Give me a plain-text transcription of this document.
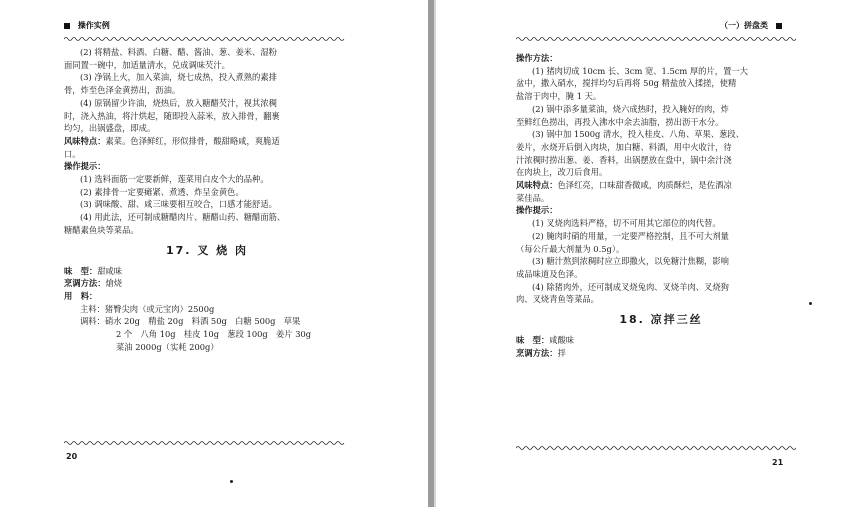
操作实例

(2) 将精盐、料酒、白糖、醋、酱油、葱、姜米、湿粉

面同置一碗中，加适量清水，兑成调味芡汁。

(3) 净锅上火，加入菜油，烧七成热，投入煮熟的素排

骨，炸至色泽金黄捞出，沥油。

(4) 原锅留少许油，烧热后，放入糖醋芡汁，视其浓稠

时，浇入热油，将汁烘起，随即投入蒜米，放入排骨，翻裹

均匀，出锅盛盘，即成。

风味特点：素菜。色泽鲜红，形似排骨，酸甜略咸，爽脆适

口。

操作提示：

(1) 选料面筋一定要新鲜，莲菜用白皮个大的品种。

(2) 素排骨一定要瘫紧、煮透、炸呈金黄色。

(3) 调味酸、甜、咸三味要相互咬合，口感才能舒适。

(4) 用此法，还可制成糖醋肉片、糖醋山药、糖醋面筋、

糖醋素鱼块等菜品。

17. 叉 烧 肉

味　型：甜咸味

烹调方法：熗烧

用　料：

主料：猪臀尖肉（或元宝肉）2500g

调料：硝水 20g　精盐 20g　料酒 50g　白糖 500g　草果

2 个　八角 10g　桂皮 10g　葱段 100g　姜片 30g

菜油 2000g（实耗 200g）

20
（一）拼盘类

操作方法：

(1) 猪肉切成 10cm 长、3cm 宽、1.5cm 厚的片，置一大

盆中，撒入硝水，搅拌均匀后再将 50g 精盐放入揉搓，使精

盐溶于肉中，腌 1 天。

(2) 锅中添多量菜油，烧六成热时，投入腌好的肉，炸

至鲜红色捞出，再投入沸水中余去油脂，捞出沥干水分。

(3) 锅中加 1500g 清水，投入桂皮、八角、草果、葱段、

姜片，水烧开后倒入肉块，加白糖、料酒，用中火收汁，待

汁浓稠时捞出葱、姜、香料，出锅摆放在盘中，锅中余汁浇

在肉块上，改刀后食用。

风味特点：色泽红亮，口味甜香微咸，肉质酥烂，是佐酒凉

菜佳品。

操作提示：

(1) 叉烧肉选料严格，切不可用其它部位的肉代替。

(2) 腌肉时硝的用量，一定要严格控制，且不可大剂量

（每公斤最大剂量为 0.5g）。

(3) 糖汁熬到浓稠时应立即撒火，以免糖汁焦糊，影响

成品味道及色泽。

(4) 除猪肉外，还可制成叉烧兔肉、叉烧羊肉、叉烧狗

肉、叉烧青鱼等菜品。

18. 凉拌三丝

味　型：咸酸味

烹调方法：拌

21
